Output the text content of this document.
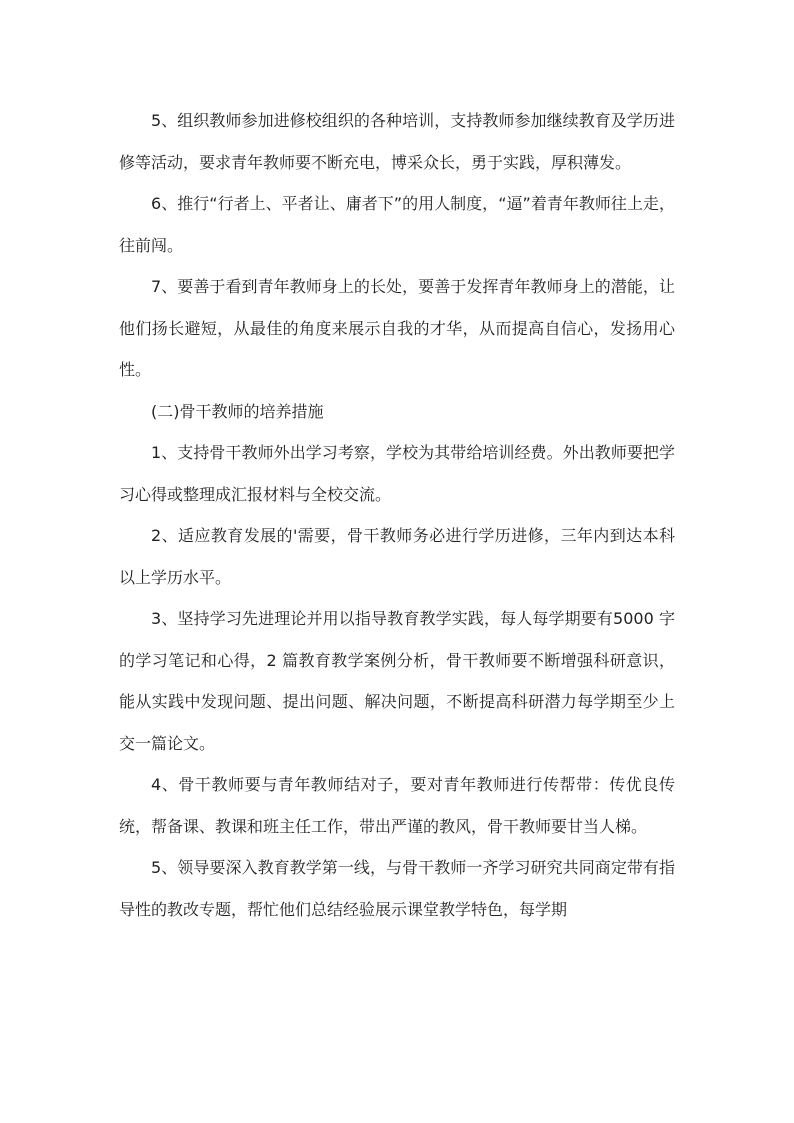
5、组织教师参加进修校组织的各种培训，支持教师参加继续教育及学历进修等活动，要求青年教师要不断充电，博采众长，勇于实践，厚积薄发。

6、推行“行者上、平者让、庸者下”的用人制度，“逼”着青年教师往上走，往前闯。

7、要善于看到青年教师身上的长处，要善于发挥青年教师身上的潜能，让他们扬长避短，从最佳的角度来展示自我的才华，从而提高自信心，发扬用心性。

(二)骨干教师的培养措施

1、支持骨干教师外出学习考察，学校为其带给培训经费。外出教师要把学习心得或整理成汇报材料与全校交流。

2、适应教育发展的'需要，骨干教师务必进行学历进修，三年内到达本科以上学历水平。

3、坚持学习先进理论并用以指导教育教学实践，每人每学期要有5000 字的学习笔记和心得，2 篇教育教学案例分析，骨干教师要不断增强科研意识，能从实践中发现问题、提出问题、解决问题，不断提高科研潜力每学期至少上交一篇论文。

4、骨干教师要与青年教师结对子，要对青年教师进行传帮带：传优良传统，帮备课、教课和班主任工作，带出严谨的教风，骨干教师要甘当人梯。

5、领导要深入教育教学第一线，与骨干教师一齐学习研究共同商定带有指导性的教改专题，帮忙他们总结经验展示课堂教学特色，每学期
